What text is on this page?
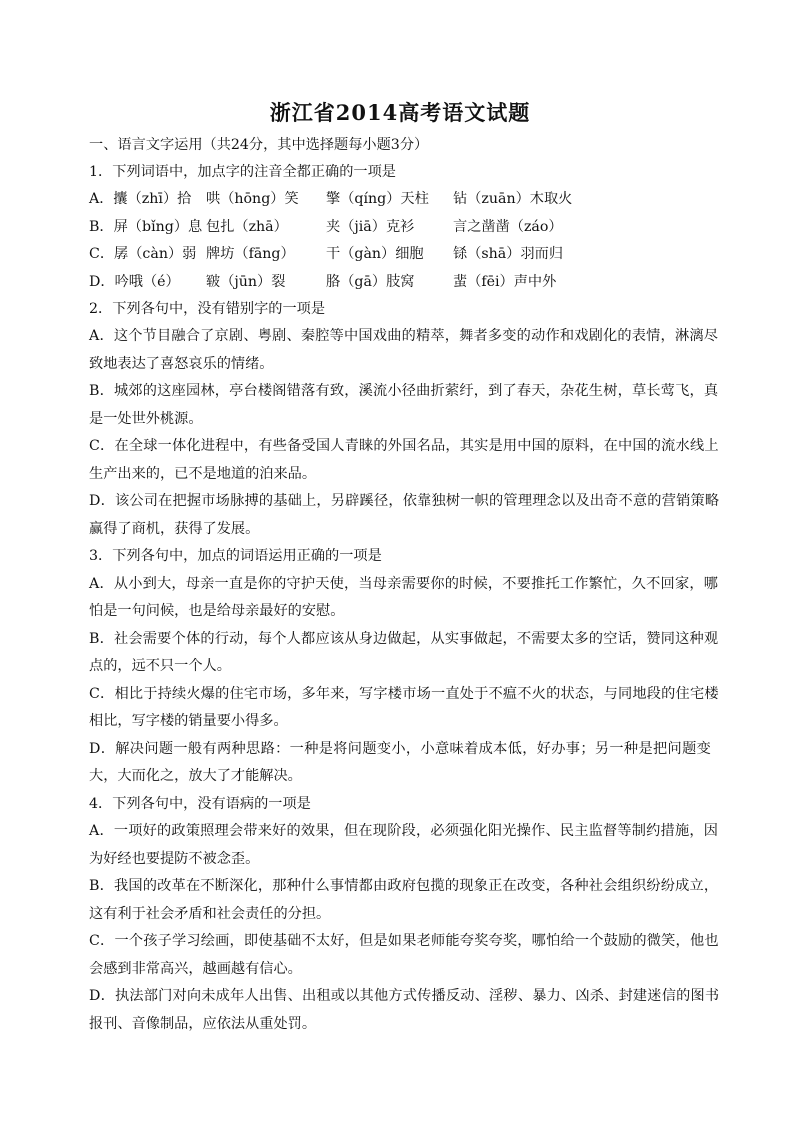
浙江省2014高考语文试题
一、语言文字运用（共24分，其中选择题每小题3分）
1．下列词语中，加点字的注音全都正确的一项是
A．攮（zhī）拾 哄（hōng）笑 擎（qíng）天柱 钻（zuān）木取火
B．屏（bǐng）息 包扎（zhā）	夹（jiā）克衫	言之凿凿（záo）
C．孱（càn）弱 牌坊（fāng） 干（gàn）细胞 铩（shā）羽而归
D．吟哦（é） 皲（jūn）裂	胳（gā）肢窝	蜚（fēi）声中外
2．下列各句中，没有错别字的一项是
A．这个节目融合了京剧、粤剧、秦腔等中国戏曲的精萃，舞者多变的动作和戏剧化的表情，淋漓尽
致地表达了喜怒哀乐的情绪。
B．城郊的这座园林，亭台楼阁错落有致，溪流小径曲折萦纡，到了春天，杂花生树，草长莺飞，真
是一处世外桃源。
C．在全球一体化进程中，有些备受国人青睐的外国名品，其实是用中国的原料，在中国的流水线上
生产出来的，已不是地道的泊来品。
D．该公司在把握市场脉搏的基础上，另辟蹊径，依靠独树一帜的管理理念以及出奇不意的营销策略
赢得了商机，获得了发展。
3．下列各句中，加点的词语运用正确的一项是
A．从小到大，母亲一直是你的守护天使，当母亲需要你的时候，不要推托工作繁忙，久不回家，哪
怕是一句问候，也是给母亲最好的安慰。
B．社会需要个体的行动，每个人都应该从身边做起，从实事做起，不需要太多的空话，赞同这种观
点的，远不只一个人。
C．相比于持续火爆的住宅市场，多年来，写字楼市场一直处于不瘟不火的状态，与同地段的住宅楼
相比，写字楼的销量要小得多。
D．解决问题一般有两种思路：一种是将问题变小，小意味着成本低，好办事；另一种是把问题变
大，大而化之，放大了才能解决。
4．下列各句中，没有语病的一项是
A．一项好的政策照理会带来好的效果，但在现阶段，必须强化阳光操作、民主监督等制约措施，因
为好经也要提防不被念歪。
B．我国的改革在不断深化，那种什么事情都由政府包揽的现象正在改变，各种社会组织纷纷成立，
这有利于社会矛盾和社会责任的分担。
C．一个孩子学习绘画，即使基础不太好，但是如果老师能夸奖夸奖，哪怕给一个鼓励的微笑，他也
会感到非常高兴，越画越有信心。
D．执法部门对向未成年人出售、出租或以其他方式传播反动、淫秽、暴力、凶杀、封建迷信的图书
报刊、音像制品，应依法从重处罚。
